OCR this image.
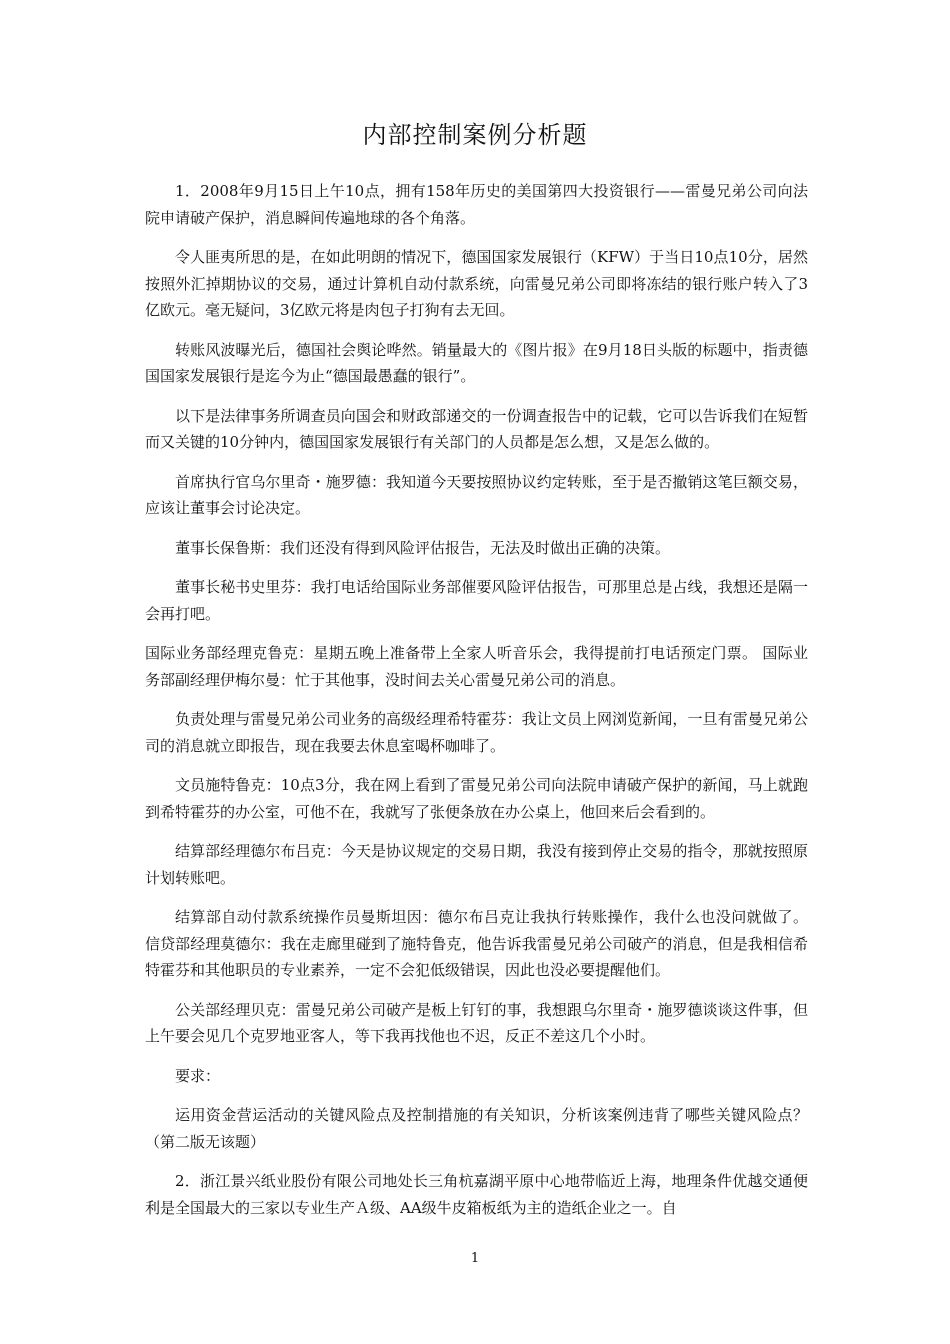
内部控制案例分析题

1．2008年9月15日上午10点，拥有158年历史的美国第四大投资银行——雷曼兄弟公司向法院申请破产保护，消息瞬间传遍地球的各个角落。

令人匪夷所思的是，在如此明朗的情况下，德国国家发展银行（KFW）于当日10点10分，居然按照外汇掉期协议的交易，通过计算机自动付款系统，向雷曼兄弟公司即将冻结的银行账户转入了3亿欧元。毫无疑问，3亿欧元将是肉包子打狗有去无回。

转账风波曝光后，德国社会舆论哗然。销量最大的《图片报》在9月18日头版的标题中，指责德国国家发展银行是迄今为止“德国最愚蠢的银行”。

以下是法律事务所调查员向国会和财政部递交的一份调查报告中的记载，它可以告诉我们在短暂而又关键的10分钟内，德国国家发展银行有关部门的人员都是怎么想，又是怎么做的。

首席执行官乌尔里奇・施罗德：我知道今天要按照协议约定转账，至于是否撤销这笔巨额交易，应该让董事会讨论决定。

董事长保鲁斯：我们还没有得到风险评估报告，无法及时做出正确的决策。

董事长秘书史里芬：我打电话给国际业务部催要风险评估报告，可那里总是占线，我想还是隔一会再打吧。

国际业务部经理克鲁克：星期五晚上准备带上全家人听音乐会，我得提前打电话预定门票。 国际业务部副经理伊梅尔曼：忙于其他事，没时间去关心雷曼兄弟公司的消息。

负责处理与雷曼兄弟公司业务的高级经理希特霍芬：我让文员上网浏览新闻，一旦有雷曼兄弟公司的消息就立即报告，现在我要去休息室喝杯咖啡了。

文员施特鲁克：10点3分，我在网上看到了雷曼兄弟公司向法院申请破产保护的新闻，马上就跑到希特霍芬的办公室，可他不在，我就写了张便条放在办公桌上，他回来后会看到的。

结算部经理德尔布吕克：今天是协议规定的交易日期，我没有接到停止交易的指令，那就按照原计划转账吧。

结算部自动付款系统操作员曼斯坦因：德尔布吕克让我执行转账操作，我什么也没问就做了。 信贷部经理莫德尔：我在走廊里碰到了施特鲁克，他告诉我雷曼兄弟公司破产的消息，但是我相信希特霍芬和其他职员的专业素养，一定不会犯低级错误，因此也没必要提醒他们。

公关部经理贝克：雷曼兄弟公司破产是板上钉钉的事，我想跟乌尔里奇・施罗德谈谈这件事，但上午要会见几个克罗地亚客人，等下我再找他也不迟，反正不差这几个小时。

要求：

运用资金营运活动的关键风险点及控制措施的有关知识，分析该案例违背了哪些关键风险点？（第二版无该题）

2．浙江景兴纸业股份有限公司地处长三角杭嘉湖平原中心地带临近上海，地理条件优越交通便利是全国最大的三家以专业生产Ａ级、AA级牛皮箱板纸为主的造纸企业之一。自

1
